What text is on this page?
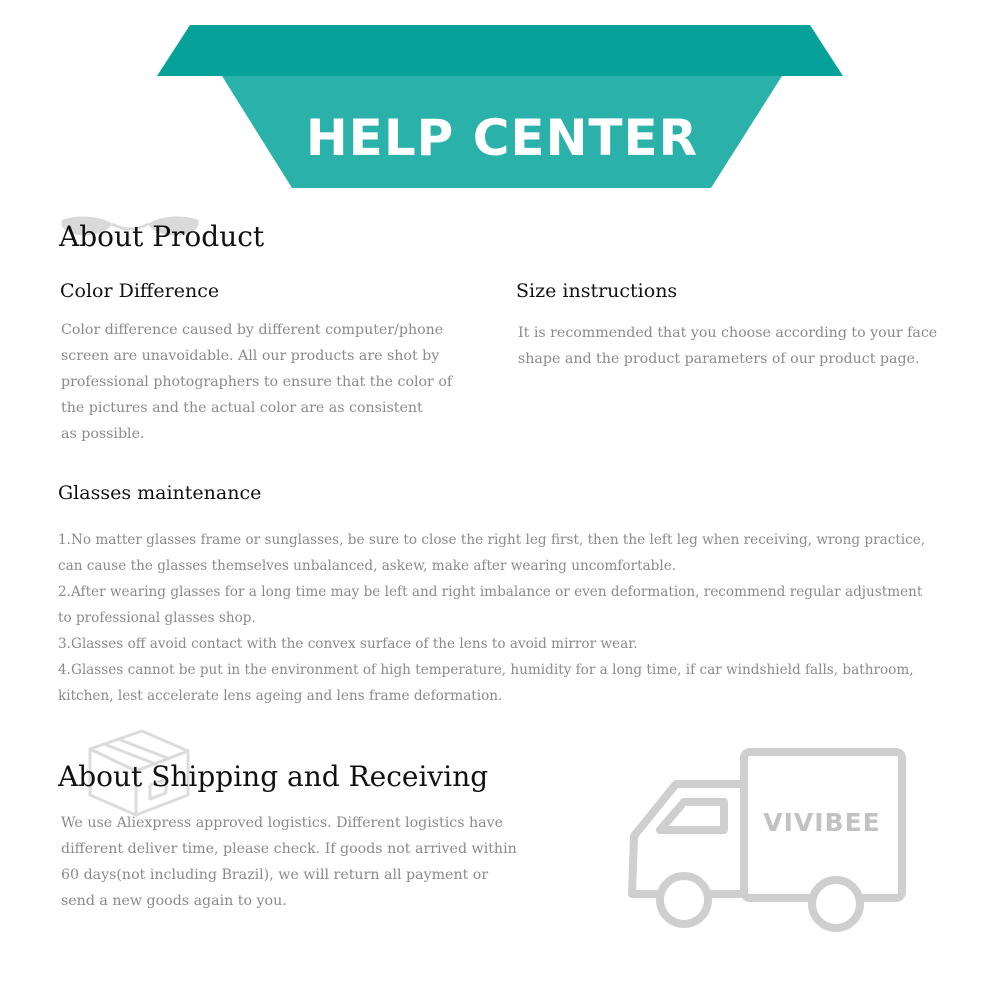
HELP CENTER
About Product
Color Difference
Color difference caused by different computer/phone
screen are unavoidable. All our products are shot by
professional photographers to ensure that the color of
the pictures and the actual color are as consistent
as possible.
Size instructions
It is recommended that you choose according to your face
shape and the product parameters of our product page.
Glasses maintenance
1.No matter glasses frame or sunglasses, be sure to close the right leg first, then the left leg when receiving, wrong practice,
can cause the glasses themselves unbalanced, askew, make after wearing uncomfortable.
2.After wearing glasses for a long time may be left and right imbalance or even deformation, recommend regular adjustment
to professional glasses shop.
3.Glasses off avoid contact with the convex surface of the lens to avoid mirror wear.
4.Glasses cannot be put in the environment of high temperature, humidity for a long time, if car windshield falls, bathroom,
kitchen, lest accelerate lens ageing and lens frame deformation.
About Shipping and Receiving
We use Aliexpress approved logistics. Different logistics have
different deliver time, please check. If goods not arrived within
60 days(not including Brazil), we will return all payment or
send a new goods again to you.
VIVIBEE
